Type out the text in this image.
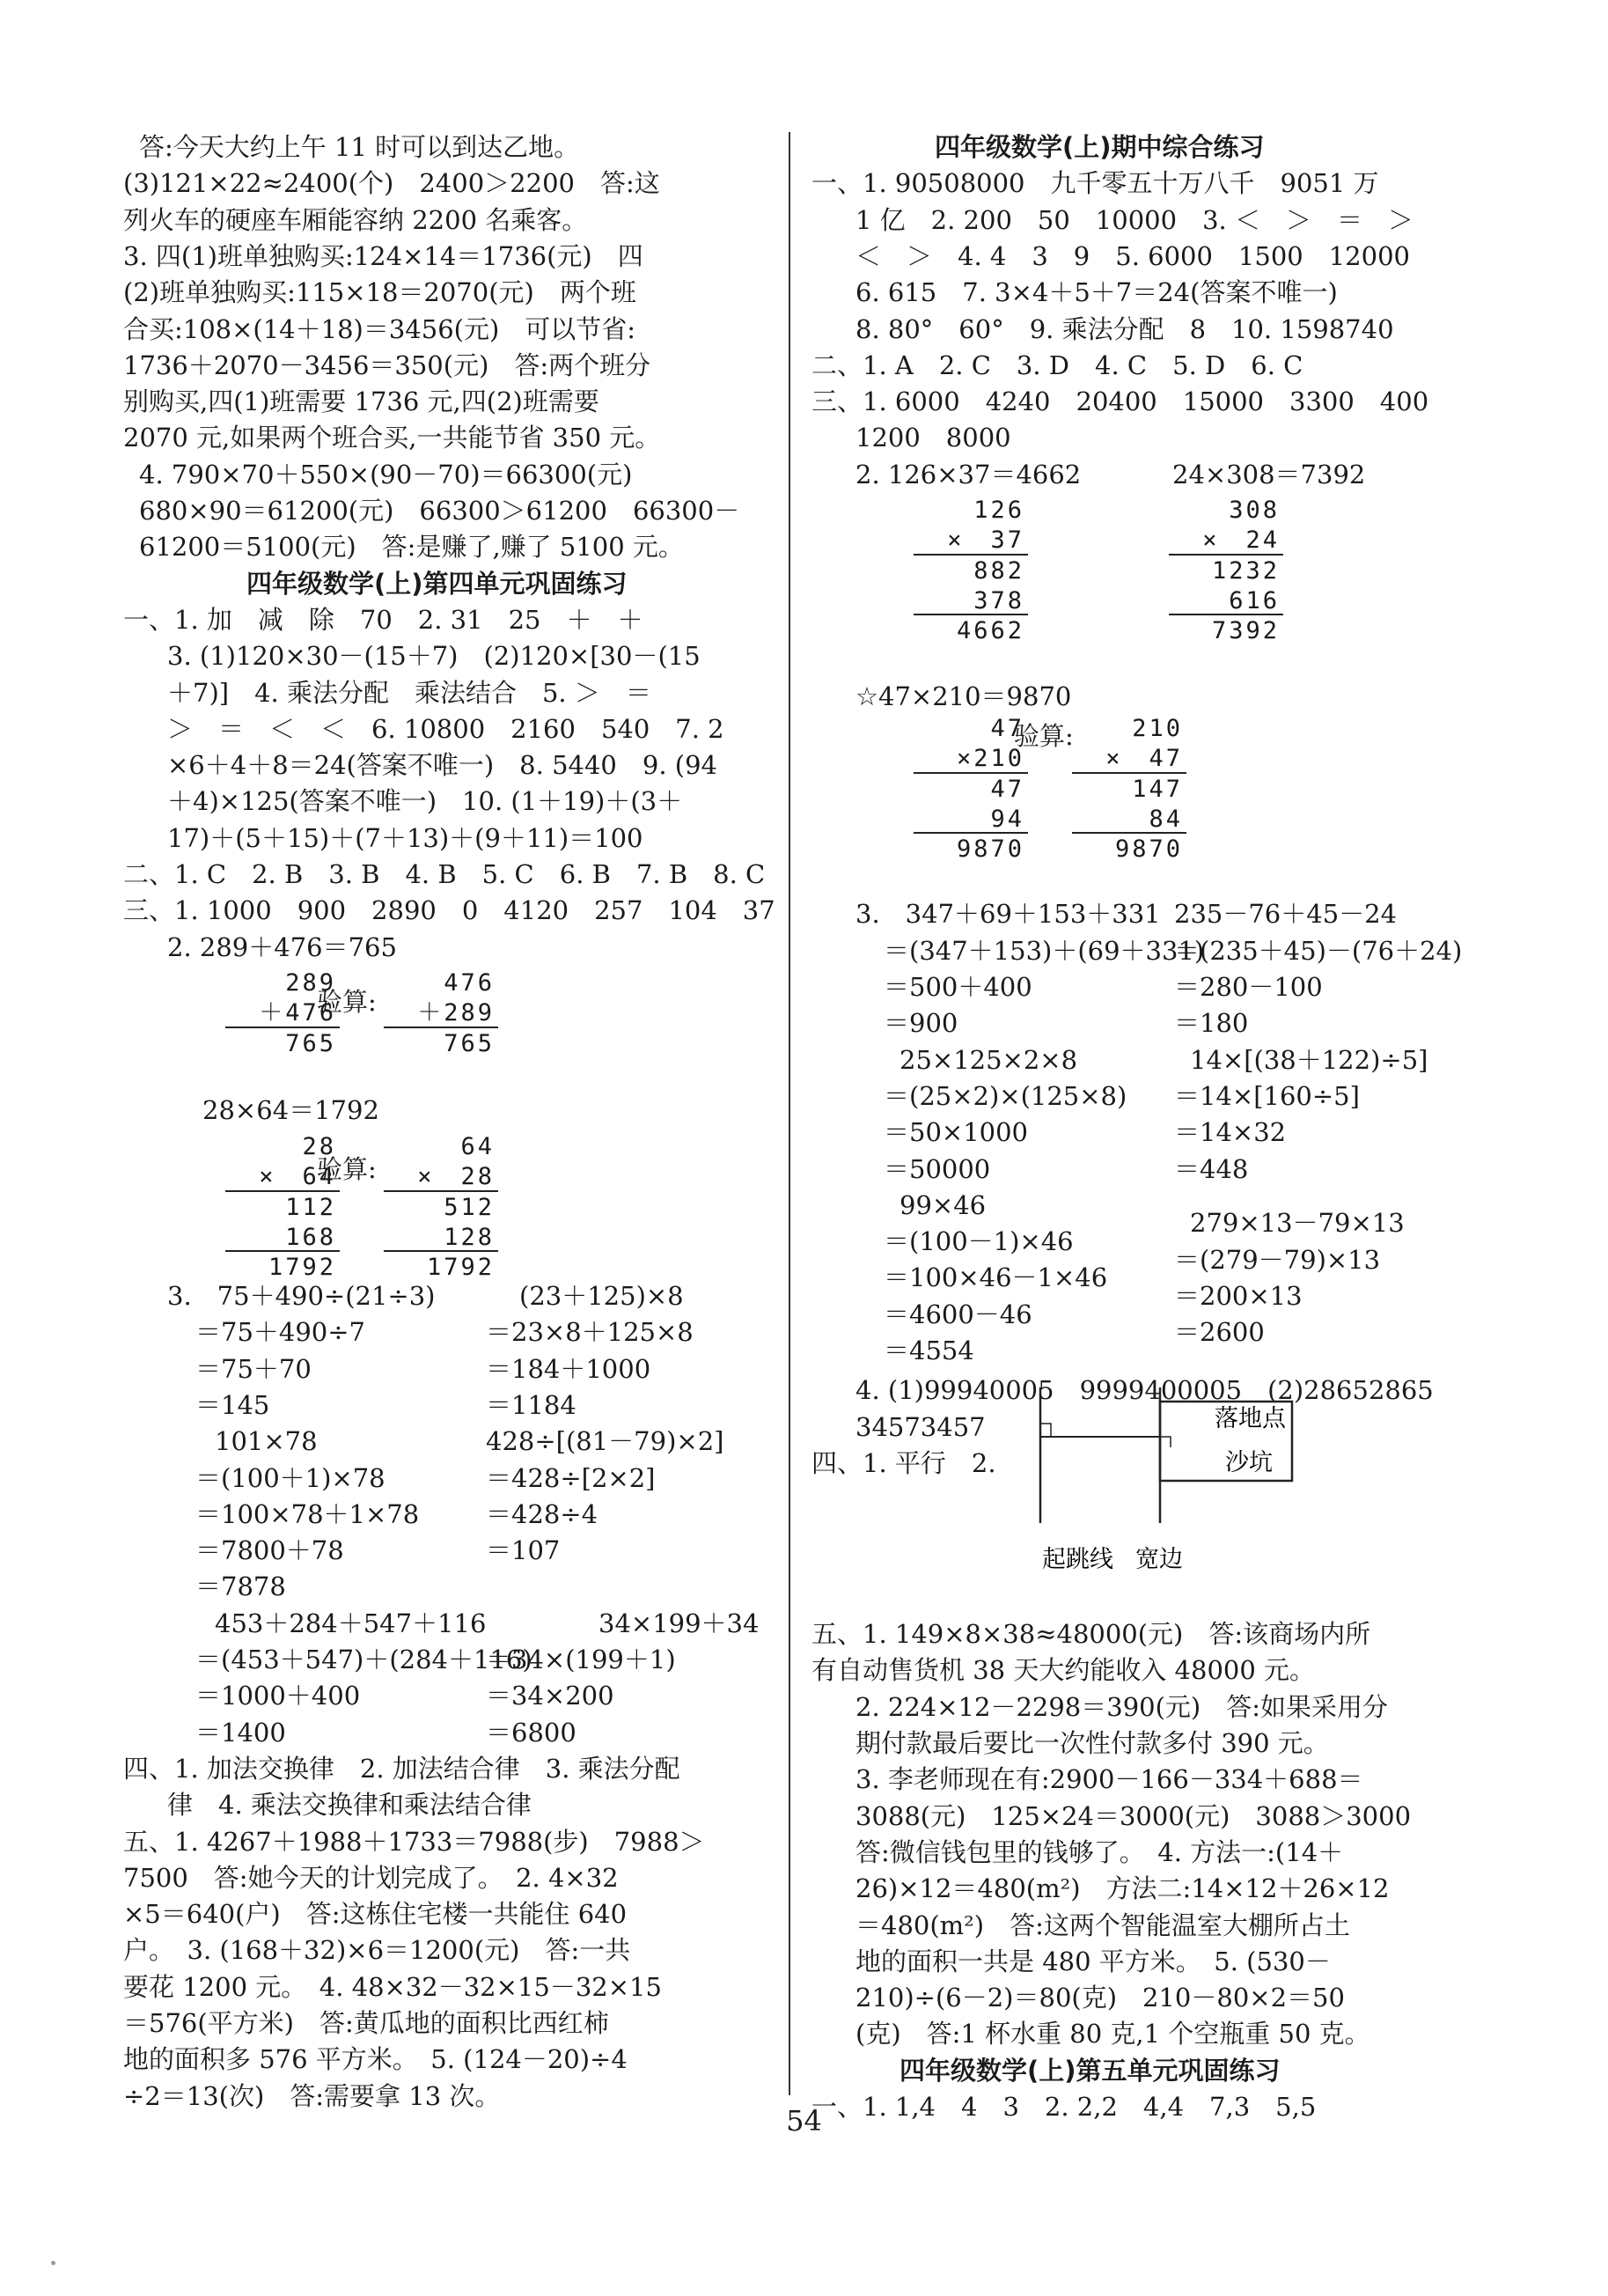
答:今天大约上午 11 时可以到达乙地。
(3)121×22≈2400(个)　2400＞2200　答:这
列火车的硬座车厢能容纳 2200 名乘客。
3. 四(1)班单独购买:124×14＝1736(元)　四
(2)班单独购买:115×18＝2070(元)　两个班
合买:108×(14＋18)＝3456(元)　可以节省:
1736＋2070－3456＝350(元)　答:两个班分
别购买,四(1)班需要 1736 元,四(2)班需要
2070 元,如果两个班合买,一共能节省 350 元。
4. 790×70＋550×(90－70)＝66300(元)
680×90＝61200(元)　66300＞61200　66300－
61200＝5100(元)　答:是赚了,赚了 5100 元。
四年级数学(上)第四单元巩固练习
一、1. 加　减　除　70　2. 31　25　＋　＋
3. (1)120×30－(15＋7)　(2)120×[30－(15
＋7)]　4. 乘法分配　乘法结合　5. ＞　＝
＞　＝　＜　＜　6. 10800　2160　540　7. 2
×6＋4＋8＝24(答案不唯一)　8. 5440　9. (94
＋4)×125(答案不唯一)　10. (1＋19)＋(3＋
17)＋(5＋15)＋(7＋13)＋(9＋11)＝100
二、1. C　2. B　3. B　4. B　5. C　6. B　7. B　8. C
三、1. 1000　900　2890　0　4120　257　104　37
2. 289＋476＝765
28×64＝1792
3.　75＋490÷(21÷3)
＝75＋490÷7
＝75＋70
＝145
101×78
＝(100＋1)×78
＝100×78＋1×78
＝7800＋78
＝7878
453＋284＋547＋116
＝(453＋547)＋(284＋116)
＝1000＋400
＝1400
(23＋125)×8
＝23×8＋125×8
＝184＋1000
＝1184
428÷[(81－79)×2]
＝428÷[2×2]
＝428÷4
＝107
34×199＋34
＝34×(199＋1)
＝34×200
＝6800
四、1. 加法交换律　2. 加法结合律　3. 乘法分配
律　4. 乘法交换律和乘法结合律
五、1. 4267＋1988＋1733＝7988(步)　7988＞
7500　答:她今天的计划完成了。　2. 4×32
×5＝640(户)　答:这栋住宅楼一共能住 640
户。　3. (168＋32)×6＝1200(元)　答:一共
要花 1200 元。　4. 48×32－32×15－32×15
＝576(平方米)　答:黄瓜地的面积比西红柿
地的面积多 576 平方米。　5. (124－20)÷4
÷2＝13(次)　答:需要拿 13 次。
验算:
验算:
289
＋476
765
476
＋289
765
28
×　64
112
168
1792
64
×　28
512
128
1792
四年级数学(上)期中综合练习
一、1. 90508000　九千零五十万八千　9051 万
1 亿　2. 200　50　10000　3. ＜　＞　＝　＞
＜　＞　4. 4　3　9　5. 6000　1500　12000
6. 615　7. 3×4＋5＋7＝24(答案不唯一)
8. 80°　60°　9. 乘法分配　8　10. 1598740
二、1. A　2. C　3. D　4. C　5. D　6. C
三、1. 6000　4240　20400　15000　3300　400
1200　8000
2. 126×37＝4662	24×308＝7392
☆47×210＝9870
3.　347＋69＋153＋331
＝(347＋153)＋(69＋331)
＝500＋400
＝900
25×125×2×8
＝(25×2)×(125×8)
＝50×1000
＝50000
99×46
＝(100－1)×46
＝100×46－1×46
＝4600－46
＝4554
235－76＋45－24
＝(235＋45)－(76＋24)
＝280－100
＝180
14×[(38＋122)÷5]
＝14×[160÷5]
＝14×32
＝448
279×13－79×13
＝(279－79)×13
＝200×13
＝2600
4. (1)99940005　9999400005　(2)28652865
34573457
四、1. 平行　2.
五、1. 149×8×38≈48000(元)　答:该商场内所
有自动售货机 38 天大约能收入 48000 元。
2. 224×12－2298＝390(元)　答:如果采用分
期付款最后要比一次性付款多付 390 元。
3. 李老师现在有:2900－166－334＋688＝
3088(元)　125×24＝3000(元)　3088＞3000
答:微信钱包里的钱够了。　4. 方法一:(14＋
26)×12＝480(m²)　方法二:14×12＋26×12
＝480(m²)　答:这两个智能温室大棚所占土
地的面积一共是 480 平方米。　5. (530－
210)÷(6－2)＝80(克)　210－80×2＝50
(克)　答:1 杯水重 80 克,1 个空瓶重 50 克。
四年级数学(上)第五单元巩固练习
一、1. 1,4　4　3　2. 2,2　4,4　7,3　5,5
验算:
126
×　37
882
378
4662
308
×　24
1232
616
7392
47
×210
47
94
9870
210
×　47
147
84
9870
落地点
沙坑
起跳线 宽边
54
